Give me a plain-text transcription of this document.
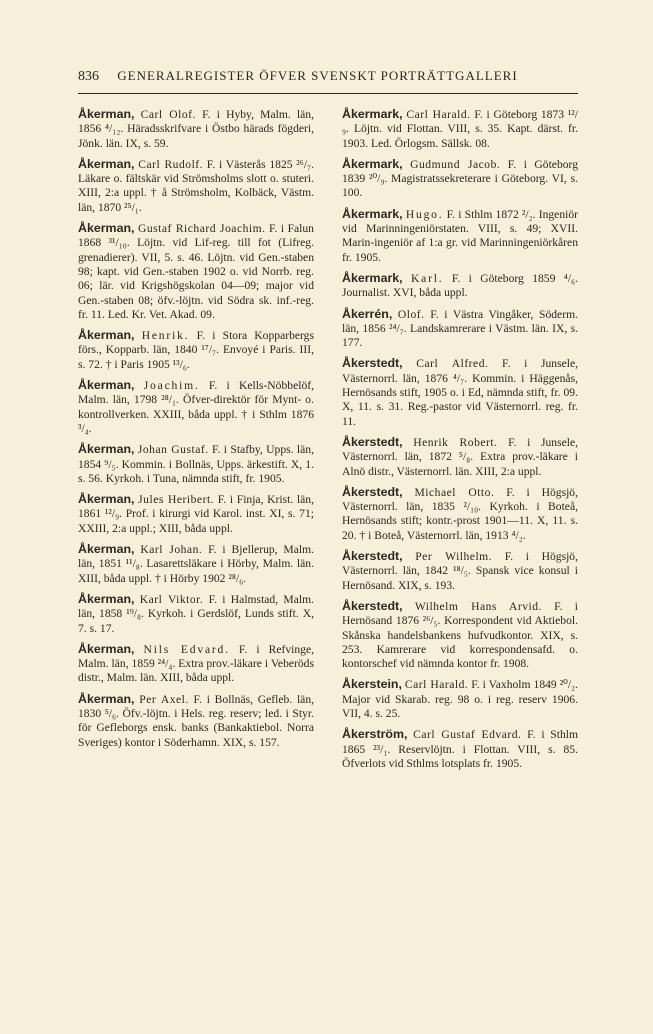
836 GENERALREGISTER ÖFVER SVENSKT PORTRÄTTGALLERI

Åkerman, Carl Olof. F. i Hyby, Malm. län, 1856 ⁴/₁₂. Häradsskrifvare i Östbo härads fögderi, Jönk. län. IX, s. 59.

Åkerman, Carl Rudolf. F. i Västerås 1825 ²⁶/₇. Läkare o. fältskär vid Strömsholms slott o. stuteri. XIII, 2:a uppl. † å Strömsholm, Kolbäck, Västm. län, 1870 ²⁵/₁.

Åkerman, Gustaf Richard Joachim. F. i Falun 1868 ³¹/₁₀. Löjtn. vid Lif-reg. till fot (Lifreg. grenadierer). VII, 5. s. 46. Löjtn. vid Gen.-staben 98; kapt. vid Gen.-staben 1902 o. vid Norrb. reg. 06; lär. vid Krigshögskolan 04—09; major vid Gen.-staben 08; öfv.-löjtn. vid Södra sk. inf.-reg. fr. 11. Led. Kr. Vet. Akad. 09.

Åkerman, Henrik. F. i Stora Kopparbergs förs., Kopparb. län, 1840 ¹⁷/₇. Envoyé i Paris. III, s. 72. † i Paris 1905 ¹³/₆.

Åkerman, Joachim. F. i Kells-Nöbbelöf, Malm. län, 1798 ²⁸/₁. Öfver-direktör för Mynt- o. kontrollverken. XXIII, båda uppl. † i Sthlm 1876 ³/₄.

Åkerman, Johan Gustaf. F. i Stafby, Upps. län, 1854 ⁹/₅. Kommin. i Bollnäs, Upps. ärkestift. X, 1. s. 56. Kyrkoh. i Tuna, nämnda stift, fr. 1905.

Åkerman, Jules Heribert. F. i Finja, Krist. län, 1861 ¹²/₉. Prof. i kirurgi vid Karol. inst. XI, s. 71; XXIII, 2:a uppl.; XIII, båda uppl.

Åkerman, Karl Johan. F. i Bjellerup, Malm. län, 1851 ¹¹/₈. Lasarettsläkare i Hörby, Malm. län. XIII, båda uppl. † i Hörby 1902 ²⁸/₆.

Åkerman, Karl Viktor. F. i Halmstad, Malm. län, 1858 ¹⁹/₈. Kyrkoh. i Gerdslöf, Lunds stift. X, 7. s. 17.

Åkerman, Nils Edvard. F. i Refvinge, Malm. län, 1859 ²⁴/₄. Extra prov.-läkare i Veberöds distr., Malm. län. XIII, båda uppl.

Åkerman, Per Axel. F. i Bollnäs, Gefleb. län, 1830 ⁵/₆. Öfv.-löjtn. i Hels. reg. reserv; led. i Styr. för Gefleborgs ensk. banks (Bankaktiebol. Norra Sveriges) kontor i Söderhamn. XIX, s. 157.

Åkermark, Carl Harald. F. i Göteborg 1873 ¹²/₉. Löjtn. vid Flottan. VIII, s. 35. Kapt. därst. fr. 1903. Led. Örlogsm. Sällsk. 08.

Åkermark, Gudmund Jacob. F. i Göteborg 1839 ²⁰/₉. Magistratssekreterare i Göteborg. VI, s. 100.

Åkermark, Hugo. F. i Sthlm 1872 ²/₂. Ingeniör vid Marinningeniörstaten. VIII, s. 49; XVII. Marin-ingeniör af 1:a gr. vid Marinningeniörkåren fr. 1905.

Åkermark, Karl. F. i Göteborg 1859 ⁴/₆. Journalist. XVI, båda uppl.

Åkerrén, Olof. F. i Västra Vingåker, Söderm. län, 1856 ²⁴/₇. Landskamrerare i Västm. län. IX, s. 177.

Åkerstedt, Carl Alfred. F. i Junsele, Västernorrl. län, 1876 ⁴/₇. Kommin. i Häggenås, Hernösands stift, 1905 o. i Ed, nämnda stift, fr. 09. X, 11. s. 31. Reg.-pastor vid Västernorrl. reg. fr. 11.

Åkerstedt, Henrik Robert. F. i Junsele, Västernorrl. län, 1872 ⁵/₈. Extra prov.-läkare i Alnö distr., Västernorrl. län. XIII, 2:a uppl.

Åkerstedt, Michael Otto. F. i Högsjö, Västernorrl. län, 1835 ²/₁₀. Kyrkoh. i Boteå, Hernösands stift; kontr.-prost 1901—11. X, 11. s. 20. † i Boteå, Västernorrl. län, 1913 ⁴/₂.

Åkerstedt, Per Wilhelm. F. i Högsjö, Västernorrl. län, 1842 ¹⁸/₅. Spansk vice konsul i Hernösand. XIX, s. 193.

Åkerstedt, Wilhelm Hans Arvid. F. i Hernösand 1876 ²⁶/₅. Korrespondent vid Aktiebol. Skånska handelsbankens hufvudkontor. XIX, s. 253. Kamrerare vid korrespondensafd. o. kontorschef vid nämnda kontor fr. 1908.

Åkerstein, Carl Harald. F. i Vaxholm 1849 ²⁰/₂. Major vid Skarab. reg. 98 o. i reg. reserv 1906. VII, 4. s. 25.

Åkerström, Carl Gustaf Edvard. F. i Sthlm 1865 ²³/₁. Reservlöjtn. i Flottan. VIII, s. 85. Öfverlots vid Sthlms lotsplats fr. 1905.
